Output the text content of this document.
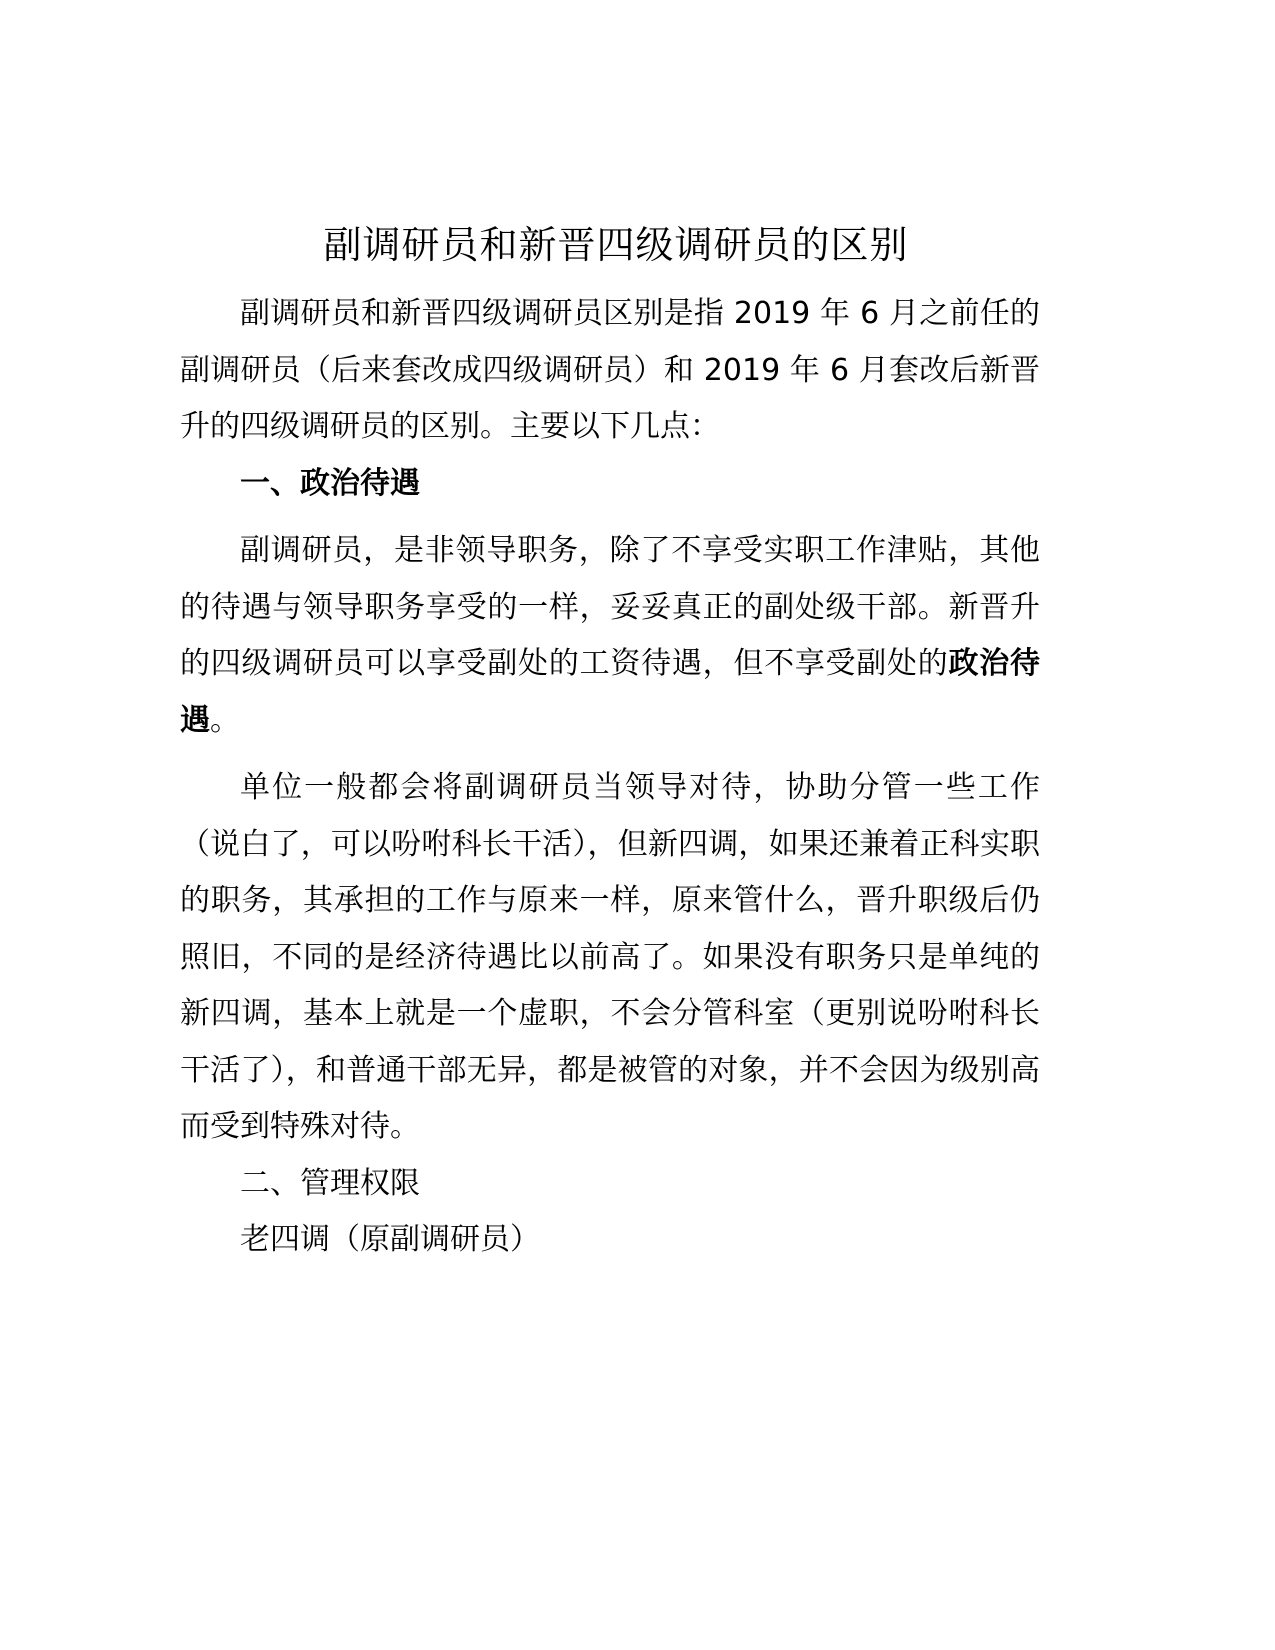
副调研员和新晋四级调研员的区别

副调研员和新晋四级调研员区别是指 2019 年 6 月之前任的副调研员（后来套改成四级调研员）和 2019 年 6 月套改后新晋升的四级调研员的区别。主要以下几点：

一、政治待遇

副调研员，是非领导职务，除了不享受实职工作津贴，其他的待遇与领导职务享受的一样，妥妥真正的副处级干部。新晋升的四级调研员可以享受副处的工资待遇，但不享受副处的政治待遇。

单位一般都会将副调研员当领导对待，协助分管一些工作（说白了，可以吩咐科长干活），但新四调，如果还兼着正科实职的职务，其承担的工作与原来一样，原来管什么，晋升职级后仍照旧，不同的是经济待遇比以前高了。如果没有职务只是单纯的新四调，基本上就是一个虚职，不会分管科室（更别说吩咐科长干活了），和普通干部无异，都是被管的对象，并不会因为级别高而受到特殊对待。

二、管理权限

老四调（原副调研员）
